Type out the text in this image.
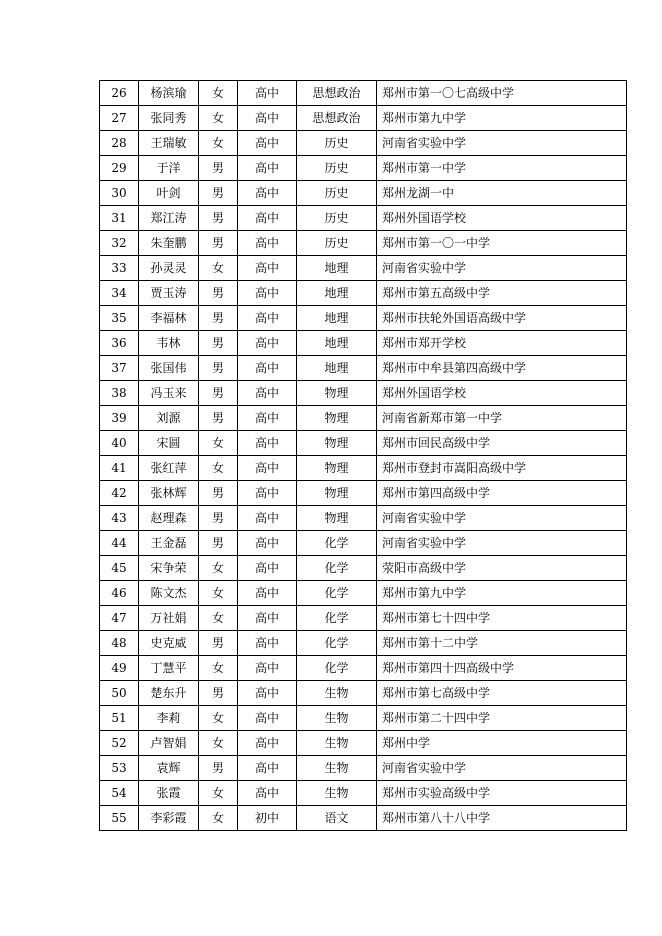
26	杨滨瑜	女	高中	思想政治	郑州市第一〇七高级中学
27	张同秀	女	高中	思想政治	郑州市第九中学
28	王瑞敏	女	高中	历史	河南省实验中学
29	于洋	男	高中	历史	郑州市第一中学
30	叶剑	男	高中	历史	郑州龙湖一中
31	郑江涛	男	高中	历史	郑州外国语学校
32	朱奎鹏	男	高中	历史	郑州市第一〇一中学
33	孙灵灵	女	高中	地理	河南省实验中学
34	贾玉涛	男	高中	地理	郑州市第五高级中学
35	李福林	男	高中	地理	郑州市扶轮外国语高级中学
36	韦林	男	高中	地理	郑州市郑开学校
37	张国伟	男	高中	地理	郑州市中牟县第四高级中学
38	冯玉来	男	高中	物理	郑州外国语学校
39	刘源	男	高中	物理	河南省新郑市第一中学
40	宋圆	女	高中	物理	郑州市回民高级中学
41	张红萍	女	高中	物理	郑州市登封市嵩阳高级中学
42	张林辉	男	高中	物理	郑州市第四高级中学
43	赵理森	男	高中	物理	河南省实验中学
44	王金磊	男	高中	化学	河南省实验中学
45	宋争荣	女	高中	化学	荥阳市高级中学
46	陈文杰	女	高中	化学	郑州市第九中学
47	万社娟	女	高中	化学	郑州市第七十四中学
48	史克威	男	高中	化学	郑州市第十二中学
49	丁慧平	女	高中	化学	郑州市第四十四高级中学
50	楚东升	男	高中	生物	郑州市第七高级中学
51	李莉	女	高中	生物	郑州市第二十四中学
52	卢智娟	女	高中	生物	郑州中学
53	袁辉	男	高中	生物	河南省实验中学
54	张霞	女	高中	生物	郑州市实验高级中学
55	李彩霞	女	初中	语文	郑州市第八十八中学
